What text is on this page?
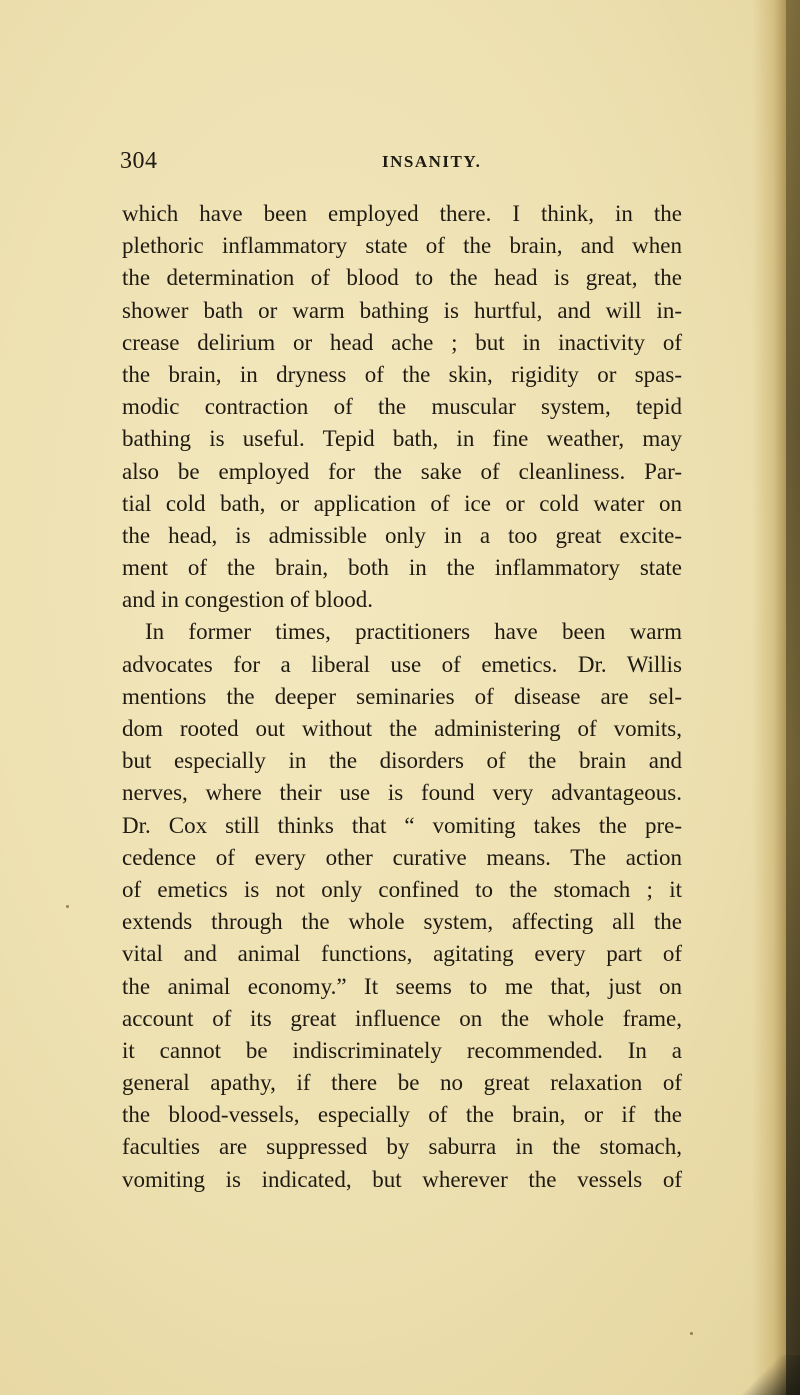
304	INSANITY.
which have been employed there. I think, in the
plethoric inflammatory state of the brain, and when
the determination of blood to the head is great, the
shower bath or warm bathing is hurtful, and will in-
crease delirium or head ache ; but in inactivity of
the brain, in dryness of the skin, rigidity or spas-
modic contraction of the muscular system, tepid
bathing is useful. Tepid bath, in fine weather, may
also be employed for the sake of cleanliness. Par-
tial cold bath, or application of ice or cold water on
the head, is admissible only in a too great excite-
ment of the brain, both in the inflammatory state
and in congestion of blood.
In former times, practitioners have been warm
advocates for a liberal use of emetics. Dr. Willis
mentions the deeper seminaries of disease are sel-
dom rooted out without the administering of vomits,
but especially in the disorders of the brain and
nerves, where their use is found very advantageous.
Dr. Cox still thinks that “ vomiting takes the pre-
cedence of every other curative means. The action
of emetics is not only confined to the stomach ; it
extends through the whole system, affecting all the
vital and animal functions, agitating every part of
the animal economy.” It seems to me that, just on
account of its great influence on the whole frame,
it cannot be indiscriminately recommended. In a
general apathy, if there be no great relaxation of
the blood-vessels, especially of the brain, or if the
faculties are suppressed by saburra in the stomach,
vomiting is indicated, but wherever the vessels of
